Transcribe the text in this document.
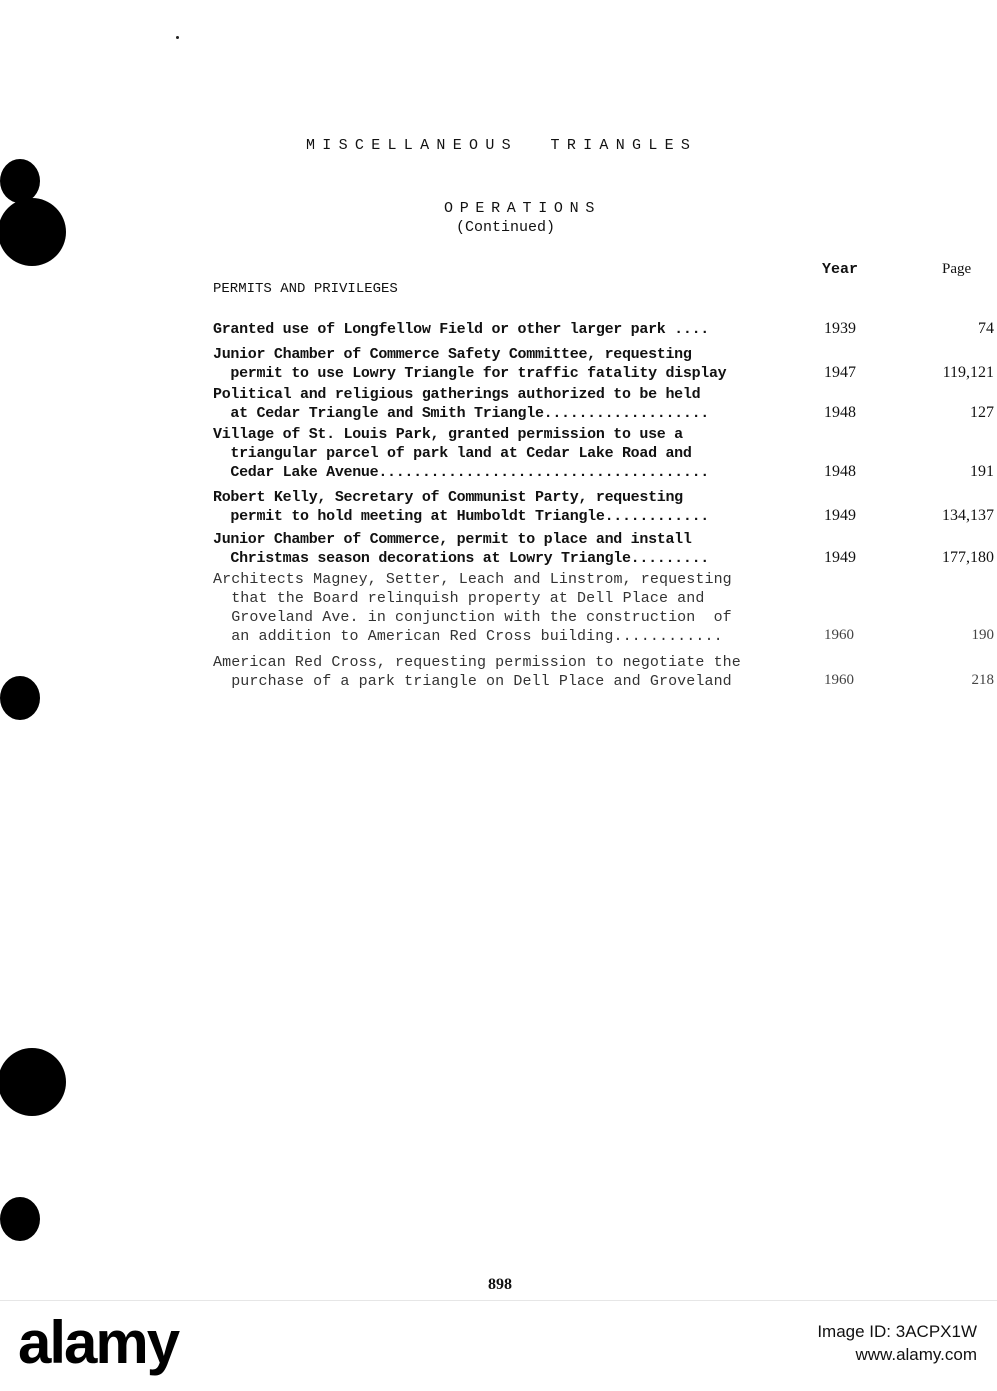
MISCELLANEOUS  TRIANGLES
OPERATIONS
(Continued)
Year	Page
PERMITS AND PRIVILEGES
Granted use of Longfellow Field or other larger park ....	1939	74
Junior Chamber of Commerce Safety Committee, requesting
permit to use Lowry Triangle for traffic fatality display	1947	119,121
Political and religious gatherings authorized to be held
at Cedar Triangle and Smith Triangle...................	1948	127
Village of St. Louis Park, granted permission to use a
triangular parcel of park land at Cedar Lake Road and
Cedar Lake Avenue......................................	1948	191
Robert Kelly, Secretary of Communist Party, requesting
permit to hold meeting at Humboldt Triangle............	1949	134,137
Junior Chamber of Commerce, permit to place and install
Christmas season decorations at Lowry Triangle.........	1949	177,180
Architects Magney, Setter, Leach and Linstrom, requesting
that the Board relinquish property at Dell Place and
Groveland Ave. in conjunction with the construction  of
an addition to American Red Cross building............	1960	190
American Red Cross, requesting permission to negotiate the
purchase of a park triangle on Dell Place and Groveland	1960	218
898
alamy	Image ID: 3ACPX1W
www.alamy.com
